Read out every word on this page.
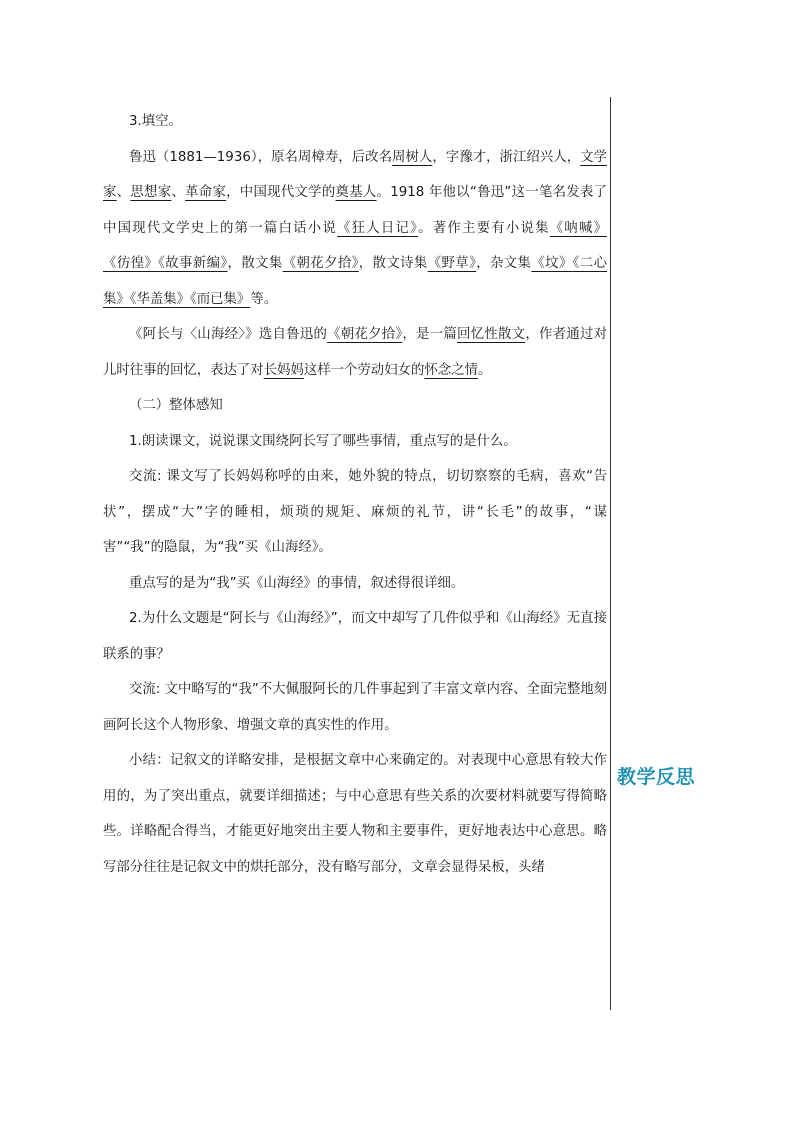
3.填空。

鲁迅（1881—1936），原名周樟寿，后改名周树人，字豫才，浙江绍兴人，文学家、思想家、革命家，中国现代文学的奠基人。1918 年他以“鲁迅”这一笔名发表了中国现代文学史上的第一篇白话小说《狂人日记》。著作主要有小说集《呐喊》《彷徨》《故事新编》，散文集《朝花夕拾》，散文诗集《野草》，杂文集《坟》《二心集》《华盖集》《而已集》等。

《阿长与〈山海经〉》选自鲁迅的《朝花夕拾》，是一篇回忆性散文，作者通过对儿时往事的回忆，表达了对长妈妈这样一个劳动妇女的怀念之情。

（二）整体感知

1.朗读课文，说说课文围绕阿长写了哪些事情，重点写的是什么。

交流: 课文写了长妈妈称呼的由来，她外貌的特点，切切察察的毛病，喜欢“告状”，摆成“大”字的睡相，烦琐的规矩、麻烦的礼节，讲“长毛”的故事，“谋害”“我”的隐鼠，为“我”买《山海经》。

重点写的是为“我”买《山海经》的事情，叙述得很详细。

2.为什么文题是“阿长与《山海经》”，而文中却写了几件似乎和《山海经》无直接联系的事？

交流: 文中略写的“我”不大佩服阿长的几件事起到了丰富文章内容、全面完整地刻画阿长这个人物形象、增强文章的真实性的作用。

小结：记叙文的详略安排，是根据文章中心来确定的。对表现中心意思有较大作用的，为了突出重点，就要详细描述；与中心意思有些关系的次要材料就要写得简略些。详略配合得当，才能更好地突出主要人物和主要事件，更好地表达中心意思。略写部分往往是记叙文中的烘托部分，没有略写部分，文章会显得呆板，头绪

教学反思
